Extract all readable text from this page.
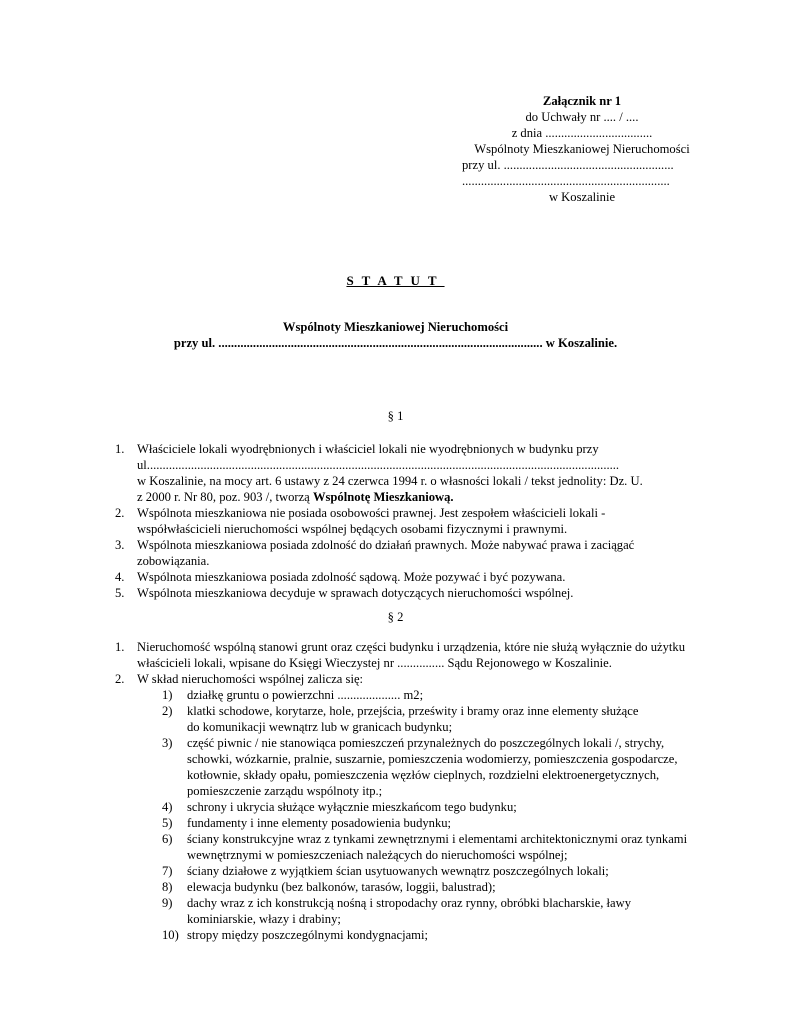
Załącznik nr 1
do Uchwały nr .... / ....
z dnia ..................................
Wspólnoty Mieszkaniowej Nieruchomości
przy ul. ......................................................
..................................................................
w Koszalinie
STATUT
Wspólnoty Mieszkaniowej Nieruchomości
przy ul. ....................................................................................................... w Koszalinie.
§ 1
1. Właściciele lokali wyodrębnionych i właściciel lokali nie wyodrębnionych w budynku przy
ul......................................................................................................................................................
w Koszalinie, na mocy art. 6 ustawy z 24 czerwca 1994 r. o własności lokali / tekst jednolity: Dz. U.
z 2000 r. Nr 80, poz. 903 /, tworzą Wspólnotę Mieszkaniową.
2. Wspólnota mieszkaniowa nie posiada osobowości prawnej. Jest zespołem właścicieli lokali -
współwłaścicieli nieruchomości wspólnej będących osobami fizycznymi i prawnymi.
3. Wspólnota mieszkaniowa posiada zdolność do działań prawnych. Może nabywać prawa i zaciągać
zobowiązania.
4. Wspólnota mieszkaniowa posiada zdolność sądową. Może pozywać i być pozywana.
5. Wspólnota mieszkaniowa decyduje w sprawach dotyczących nieruchomości wspólnej.
§ 2
1. Nieruchomość wspólną stanowi grunt oraz części budynku i urządzenia, które nie służą wyłącznie do użytku
właścicieli lokali, wpisane do Księgi Wieczystej nr ............... Sądu Rejonowego w Koszalinie.
2. W skład nieruchomości wspólnej zalicza się:
1) działkę gruntu o powierzchni .................... m2;
2) klatki schodowe, korytarze, hole, przejścia, prześwity i bramy oraz inne elementy służące
do komunikacji wewnątrz lub w granicach budynku;
3) część piwnic / nie stanowiąca pomieszczeń przynależnych do poszczególnych lokali /, strychy,
schowki, wózkarnie, pralnie, suszarnie, pomieszczenia wodomierzy, pomieszczenia gospodarcze,
kotłownie, składy opału, pomieszczenia węzłów cieplnych, rozdzielni elektroenergetycznych,
pomieszczenie zarządu wspólnoty itp.;
4) schrony i ukrycia służące wyłącznie mieszkańcom tego budynku;
5) fundamenty i inne elementy posadowienia budynku;
6) ściany konstrukcyjne wraz z tynkami zewnętrznymi i elementami architektonicznymi oraz tynkami
wewnętrznymi w pomieszczeniach należących do nieruchomości wspólnej;
7) ściany działowe z wyjątkiem ścian usytuowanych wewnątrz poszczególnych lokali;
8) elewacja budynku (bez balkonów, tarasów, loggii, balustrad);
9) dachy wraz z ich konstrukcją nośną i stropodachy oraz rynny, obróbki blacharskie, ławy
kominiarskie, włazy i drabiny;
10) stropy między poszczególnymi kondygnacjami;
